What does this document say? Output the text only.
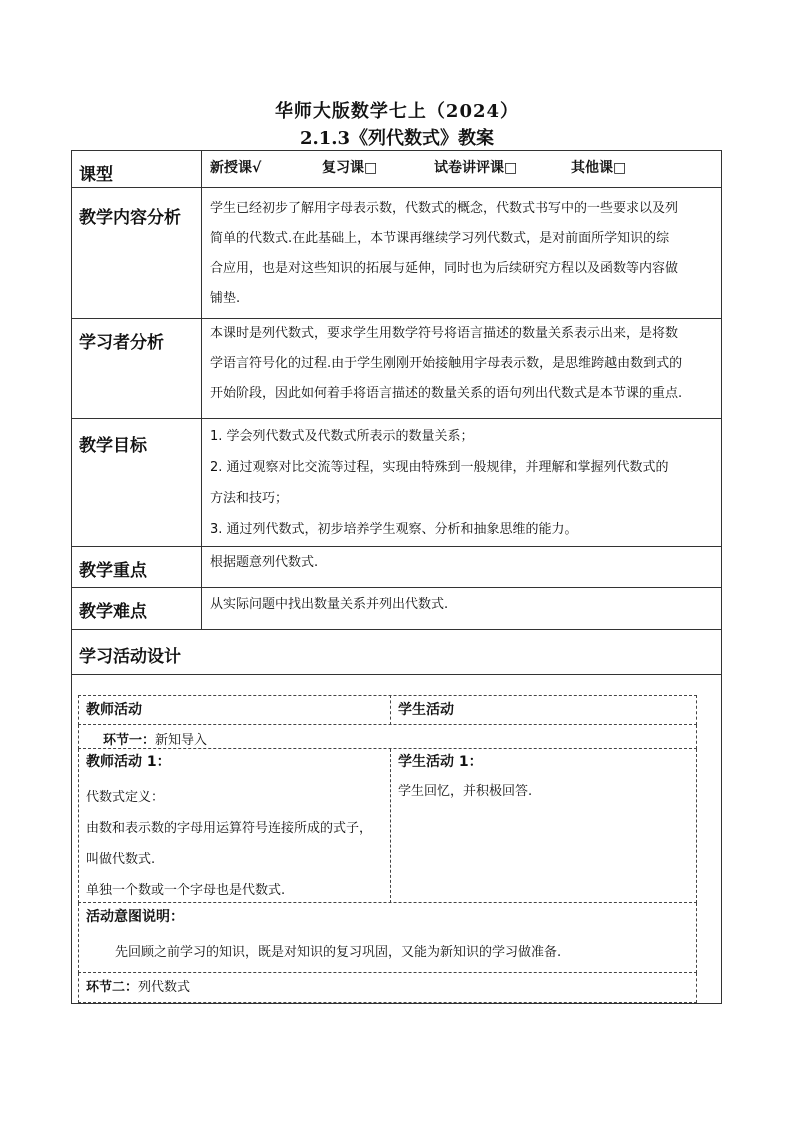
华师大版数学七上（2024）
2.1.3《列代数式》教案
课型	新授课√	复习课□	试卷讲评课□	其他课□
教学内容分析 学生已经初步了解用字母表示数，代数式的概念，代数式书写中的一些要求以及列
简单的代数式.在此基础上，本节课再继续学习列代数式，是对前面所学知识的综
合应用，也是对这些知识的拓展与延伸，同时也为后续研究方程以及函数等内容做
铺垫.
学习者分析	本课时是列代数式，要求学生用数学符号将语言描述的数量关系表示出来，是将数
学语言符号化的过程.由于学生刚刚开始接触用字母表示数，是思维跨越由数到式的
开始阶段，因此如何着手将语言描述的数量关系的语句列出代数式是本节课的重点.
教学目标	1. 学会列代数式及代数式所表示的数量关系；
2. 通过观察对比交流等过程，实现由特殊到一般规律，并理解和掌握列代数式的
方法和技巧；
3. 通过列代数式，初步培养学生观察、分析和抽象思维的能力。
教学重点	根据题意列代数式.
教学难点	从实际问题中找出数量关系并列出代数式.
学习活动设计
教师活动	学生活动
环节一：新知导入
教师活动 1：
代数式定义：
由数和表示数的字母用运算符号连接所成的式子，
叫做代数式.
单独一个数或一个字母也是代数式.
学生活动 1：
学生回忆，并积极回答.
活动意图说明：
先回顾之前学习的知识，既是对知识的复习巩固，又能为新知识的学习做准备.
环节二：列代数式
